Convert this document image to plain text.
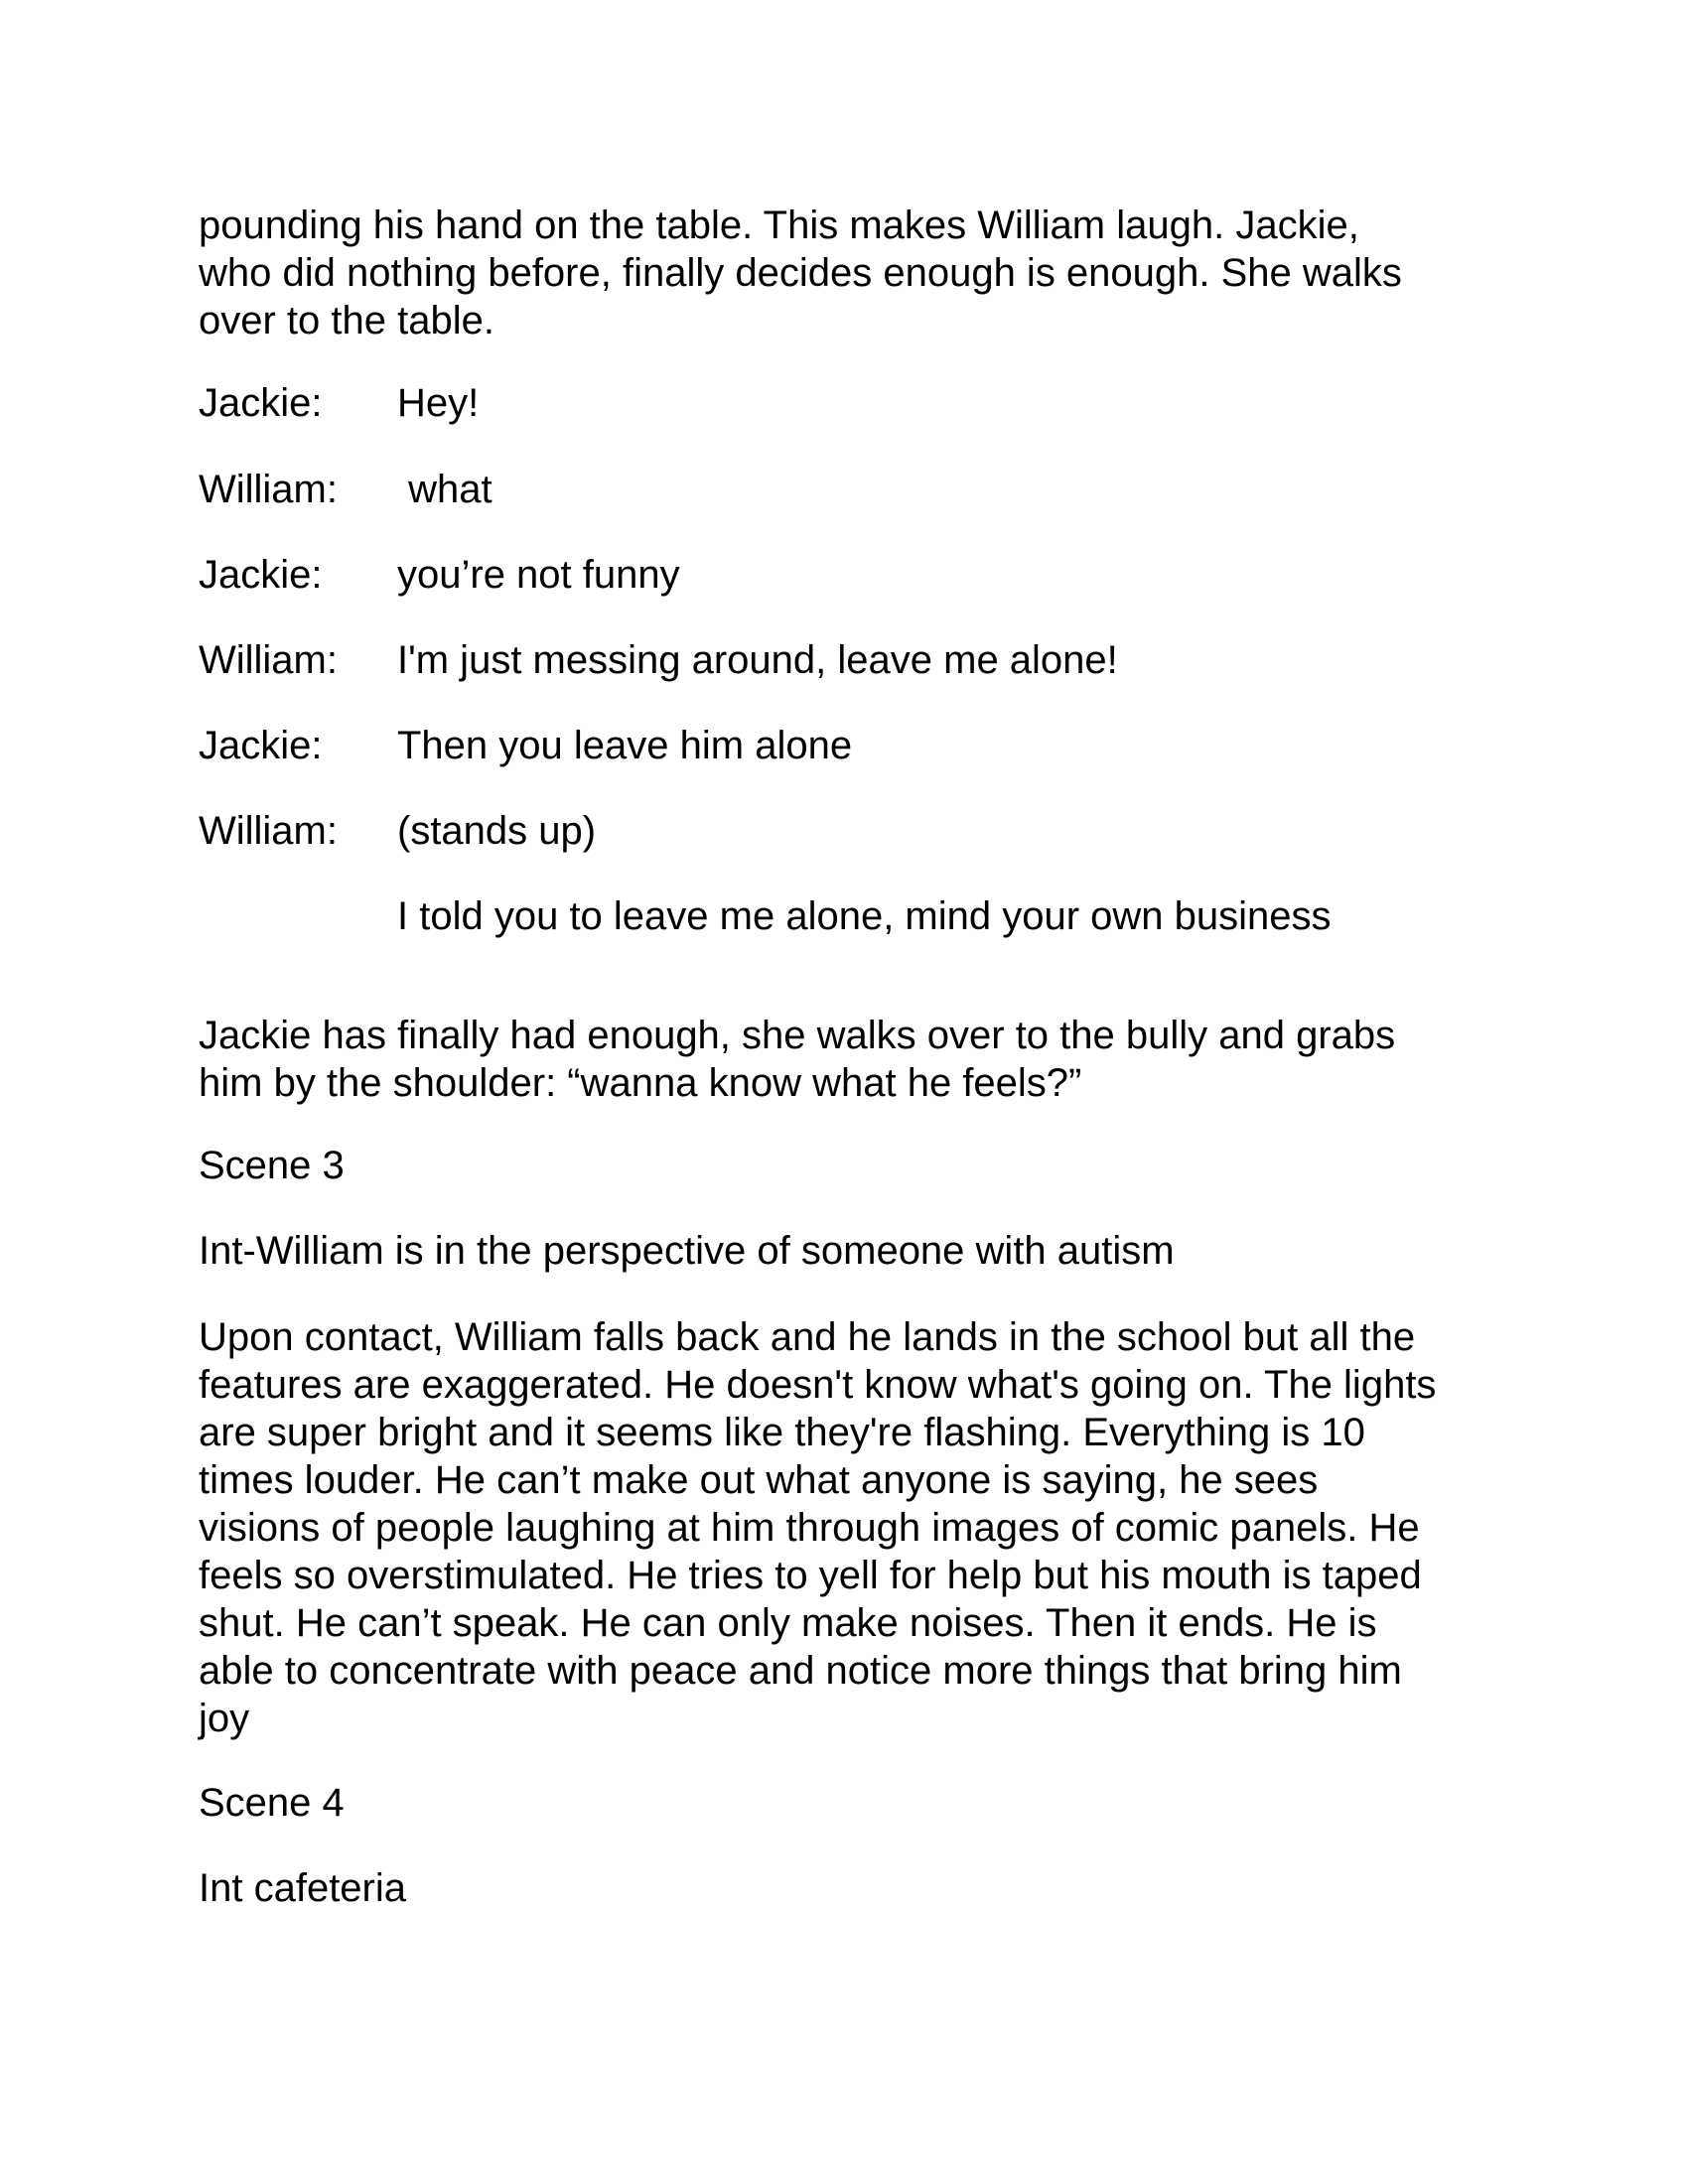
pounding his hand on the table. This makes William laugh. Jackie,
who did nothing before, finally decides enough is enough. She walks
over to the table.

Jackie: Hey!
William: what
Jackie: you’re not funny
William: I'm just messing around, leave me alone!
Jackie: Then you leave him alone
William: (stands up)
I told you to leave me alone, mind your own business

Jackie has finally had enough, she walks over to the bully and grabs
him by the shoulder: “wanna know what he feels?”

Scene 3

Int-William is in the perspective of someone with autism

Upon contact, William falls back and he lands in the school but all the
features are exaggerated. He doesn't know what's going on. The lights
are super bright and it seems like they're flashing. Everything is 10
times louder. He can’t make out what anyone is saying, he sees
visions of people laughing at him through images of comic panels. He
feels so overstimulated. He tries to yell for help but his mouth is taped
shut. He can’t speak. He can only make noises. Then it ends. He is
able to concentrate with peace and notice more things that bring him
joy

Scene 4

Int cafeteria
